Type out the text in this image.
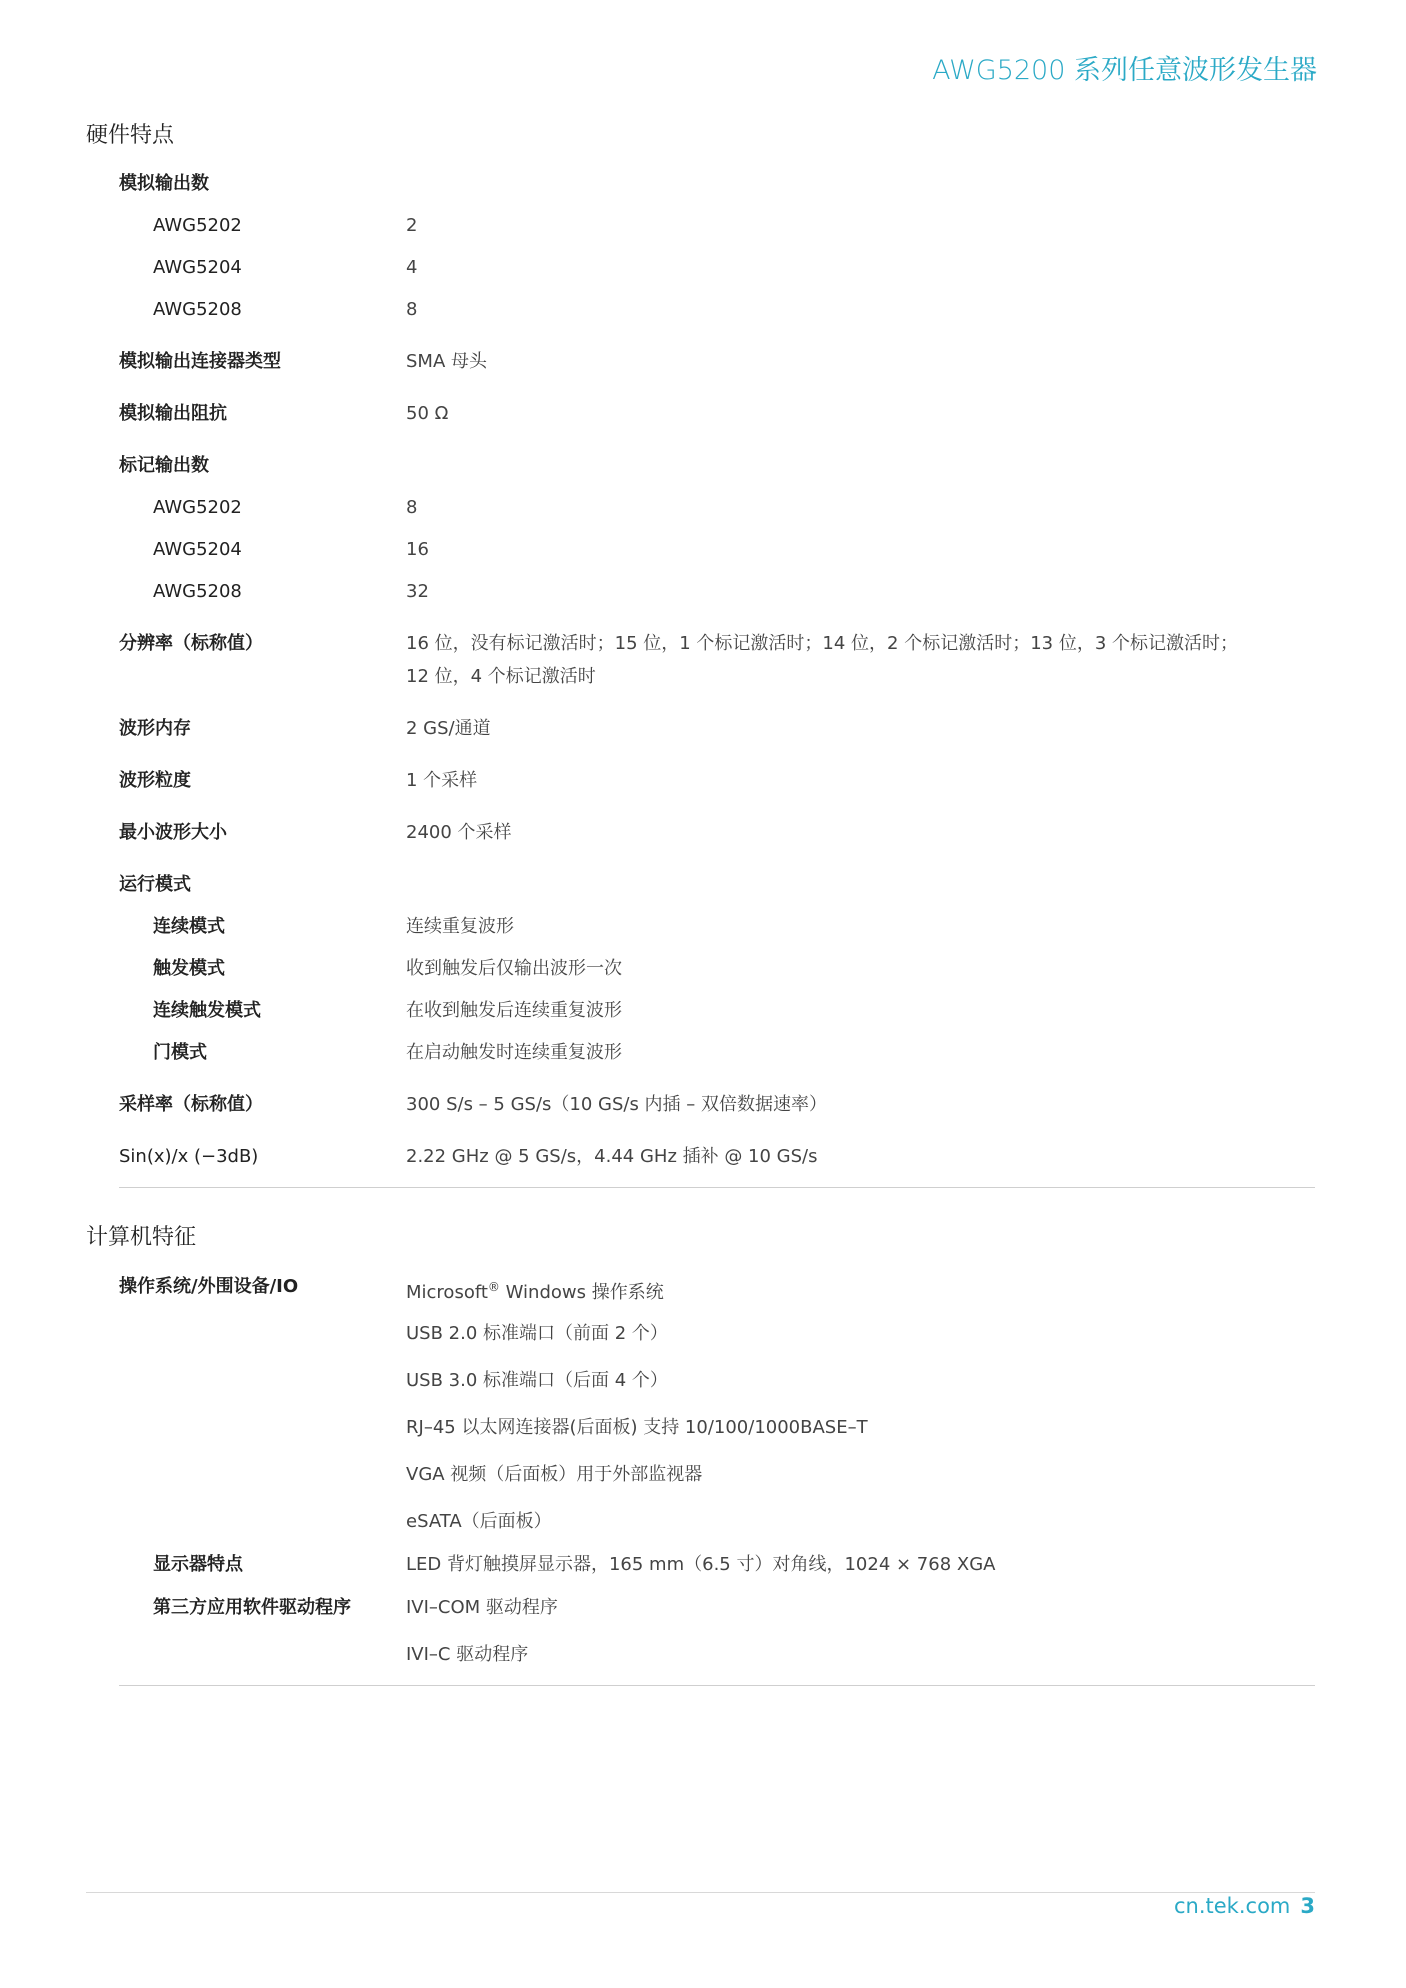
AWG5200 系列任意波形发生器
硬件特点
模拟输出数
AWG5202	2
AWG5204	4
AWG5208	8
模拟输出连接器类型	SMA 母头
模拟输出阻抗	50 Ω
标记输出数
AWG5202	8
AWG5204	16
AWG5208	32
分辨率（标称值）	16 位，没有标记激活时；15 位，1 个标记激活时；14 位，2 个标记激活时；13 位，3 个标记激活时；
12 位，4 个标记激活时
波形内存	2 GS/通道
波形粒度	1 个采样
最小波形大小	2400 个采样
运行模式
连续模式	连续重复波形
触发模式	收到触发后仅输出波形一次
连续触发模式	在收到触发后连续重复波形
门模式	在启动触发时连续重复波形
采样率（标称值）	300 S/s – 5 GS/s（10 GS/s 内插 – 双倍数据速率）
Sin(x)/x (−3dB)	2.22 GHz @ 5 GS/s，4.44 GHz 插补 @ 10 GS/s
计算机特征
操作系统/外围设备/IO	Microsoft® Windows 操作系统
USB 2.0 标准端口（前面 2 个）
USB 3.0 标准端口（后面 4 个）
RJ–45 以太网连接器(后面板) 支持 10/100/1000BASE–T
VGA 视频（后面板）用于外部监视器
eSATA（后面板）
显示器特点	LED 背灯触摸屏显示器，165 mm（6.5 寸）对角线，1024 × 768 XGA
第三方应用软件驱动程序	IVI–COM 驱动程序
IVI–C 驱动程序
cn.tek.com 3
